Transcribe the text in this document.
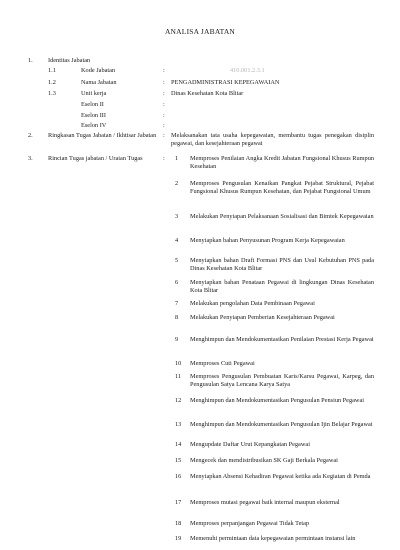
ANALISA JABATAN
1. Identitas Jabatan
1.1	Kode Jabatan	:	410.001.2.3.1
1.2	Nama Jabatan	: PENGADMINISTRASI KEPEGAWAIAN
1.3	Unit kerja	: Dinas Kesehatan Kota Blitar
Eselon II	:
Eselon III	:
Eselon IV	:
2. Ringkasan Tugas Jabatan / Ikhtisar Jabatan	: Melaksanakan tata usaha kepegawaian, membantu tugas penegakan disiplin pegawai, dan kesejahteraan pegawai
3. Rincian Tugas jabatan / Uraian Tugas	: 1	Memproses Penilaian Angka Kredit Jabatan Fungsional Khusus Rumpun Kesehatan
2	Memproses Pengusulan Kenaikan Pangkat Pejabat Struktural, Pejabat Fungsional Khusus Rumpun Kesehatan, dan Pejabat Fungsional Umum
3	Melakukan Penyiapan Pelaksanaan Sosialisasi dan Bimtek Kepegawaian
4	Menyiapkan bahan Penyusunan Program Kerja Kepegawaian
5	Menyiapkan bahan Draft Formasi PNS dan Usul Kebutuhan PNS pada Dinas Kesehatan Kota Blitar
6	Menyiapkan bahan Penataan Pegawai di lingkungan Dinas Kesehatan Kota Blitar
7	Melakukan pengolahan Data Pembinaan Pegawai
8	Melakukan Penyiapan Pemberian Kesejahteraan Pegawai
9	Menghimpun dan Mendokumentasikan Penilaian Prestasi Kerja Pegawai
10	Memproses Cuti Pegawai
11	Memproses Pengusulan Pembuatan Karis/Karsu Pegawai, Karpeg, dan Pengusulan Satya Lencana Karya Satya
12	Menghimpun dan Mendokumentasikan Pengusulan Pensiun Pegawai
13	Menghimpun dan Mendokumentasikan Pengusulan Ijin Belajar Pegawai
14	Mengupdate Daftar Urut Kepangkatan Pegawai
15	Mengecek dan mendistribusikan SK Gaji Berkala Pegawai
16	Menyiapkan Absensi Kehadiran Pegawai ketika ada Kegiatan di Pemda
17	Memproses mutasi pegawai baik internal maupun eksternal
18	Memproses perpanjangan Pegawai Tidak Tetap
19	Memenuhi permintaan data kepegawaian permintaan instansi lain
